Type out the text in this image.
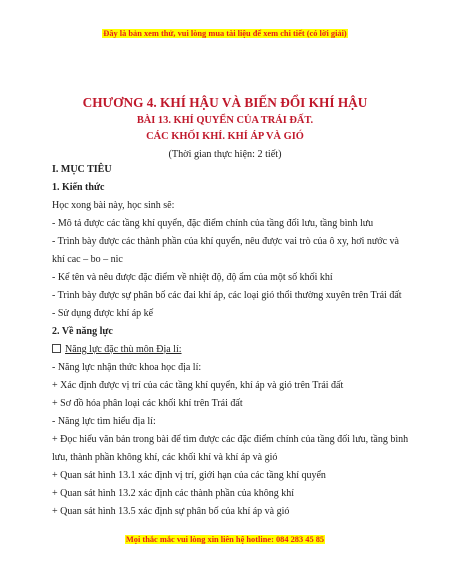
Đây là bản xem thử, vui lòng mua tài liệu để xem chi tiết (có lời giải)
CHƯƠNG 4. KHÍ HẬU VÀ BIẾN ĐỔI KHÍ HẬU
BÀI 13. KHÍ QUYỂN CỦA TRÁI ĐẤT.
CÁC KHỐI KHÍ. KHÍ ÁP VÀ GIÓ
(Thời gian thực hiện: 2 tiết)
I. MỤC TIÊU
1. Kiến thức
Học xong bài này, học sinh sẽ:
- Mô tả được các tầng khí quyển, đặc điểm chính của tầng đối lưu, tầng bình lưu
- Trình bày được các thành phần của khí quyển, nêu được vai trò của ô xy, hơi nước và khí cac – bo – nic
- Kể tên và nêu được đặc điểm về nhiệt độ, độ ẩm của một số khối khí
- Trình bày được sự phân bố các đai khí áp, các loại gió thổi thường xuyên trên Trái đất
- Sử dụng được khí áp kế
2. Về năng lực
Năng lực đặc thù môn Địa lí:
- Năng lực nhận thức khoa học địa lí:
+ Xác định được vị trí của các tầng khí quyển, khí áp và gió trên Trái đất
+ Sơ đồ hóa phân loại các khối khí trên Trái đất
- Năng lực tìm hiểu địa lí:
+ Đọc hiểu văn bản trong bài để tìm được các đặc điểm chính của tầng đối lưu, tầng bình lưu, thành phần không khí, các khối khí và khí áp và gió
+ Quan sát hình 13.1 xác định vị trí, giới hạn của các tầng khí quyển
+ Quan sát hình 13.2 xác định các thành phần của không khí
+ Quan sát hình 13.5 xác định sự phân bố của khí áp và gió
Mọi thắc mắc vui lòng xin liên hệ hotline: 084 283 45 85
